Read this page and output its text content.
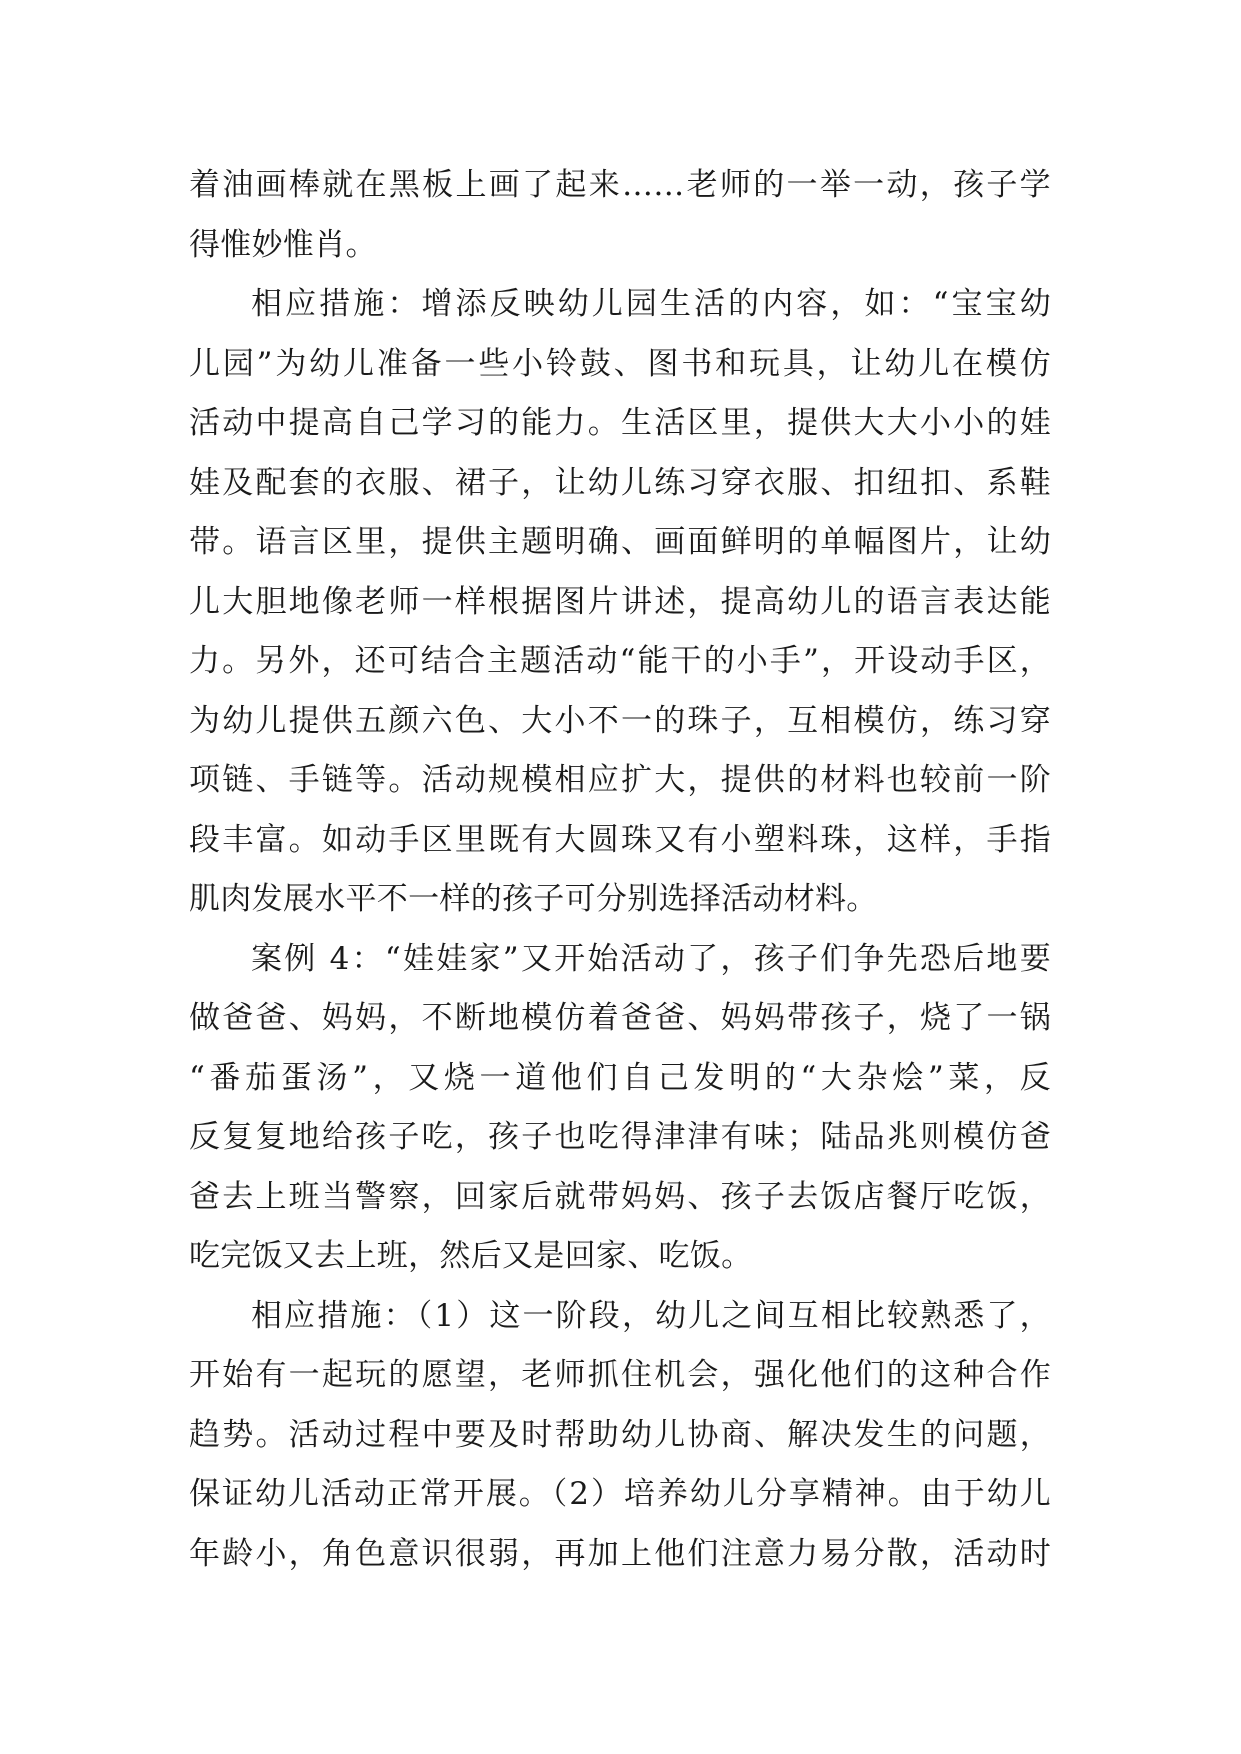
着油画棒就在黑板上画了起来……老师的一举一动，孩子学
得惟妙惟肖。
相应措施：增添反映幼儿园生活的内容，如：“宝宝幼
儿园”为幼儿准备一些小铃鼓、图书和玩具，让幼儿在模仿
活动中提高自己学习的能力。生活区里，提供大大小小的娃
娃及配套的衣服、裙子，让幼儿练习穿衣服、扣纽扣、系鞋
带。语言区里，提供主题明确、画面鲜明的单幅图片，让幼
儿大胆地像老师一样根据图片讲述，提高幼儿的语言表达能
力。另外，还可结合主题活动“能干的小手”，开设动手区，
为幼儿提供五颜六色、大小不一的珠子，互相模仿，练习穿
项链、手链等。活动规模相应扩大，提供的材料也较前一阶
段丰富。如动手区里既有大圆珠又有小塑料珠，这样，手指
肌肉发展水平不一样的孩子可分别选择活动材料。
案例 4：“娃娃家”又开始活动了，孩子们争先恐后地要
做爸爸、妈妈，不断地模仿着爸爸、妈妈带孩子，烧了一锅
“番茄蛋汤”，又烧一道他们自己发明的“大杂烩”菜，反
反复复地给孩子吃，孩子也吃得津津有味；陆品兆则模仿爸
爸去上班当警察，回家后就带妈妈、孩子去饭店餐厅吃饭，
吃完饭又去上班，然后又是回家、吃饭。
相应措施：（1）这一阶段，幼儿之间互相比较熟悉了，
开始有一起玩的愿望，老师抓住机会，强化他们的这种合作
趋势。活动过程中要及时帮助幼儿协商、解决发生的问题，
保证幼儿活动正常开展。（2）培养幼儿分享精神。由于幼儿
年龄小，角色意识很弱，再加上他们注意力易分散，活动时
